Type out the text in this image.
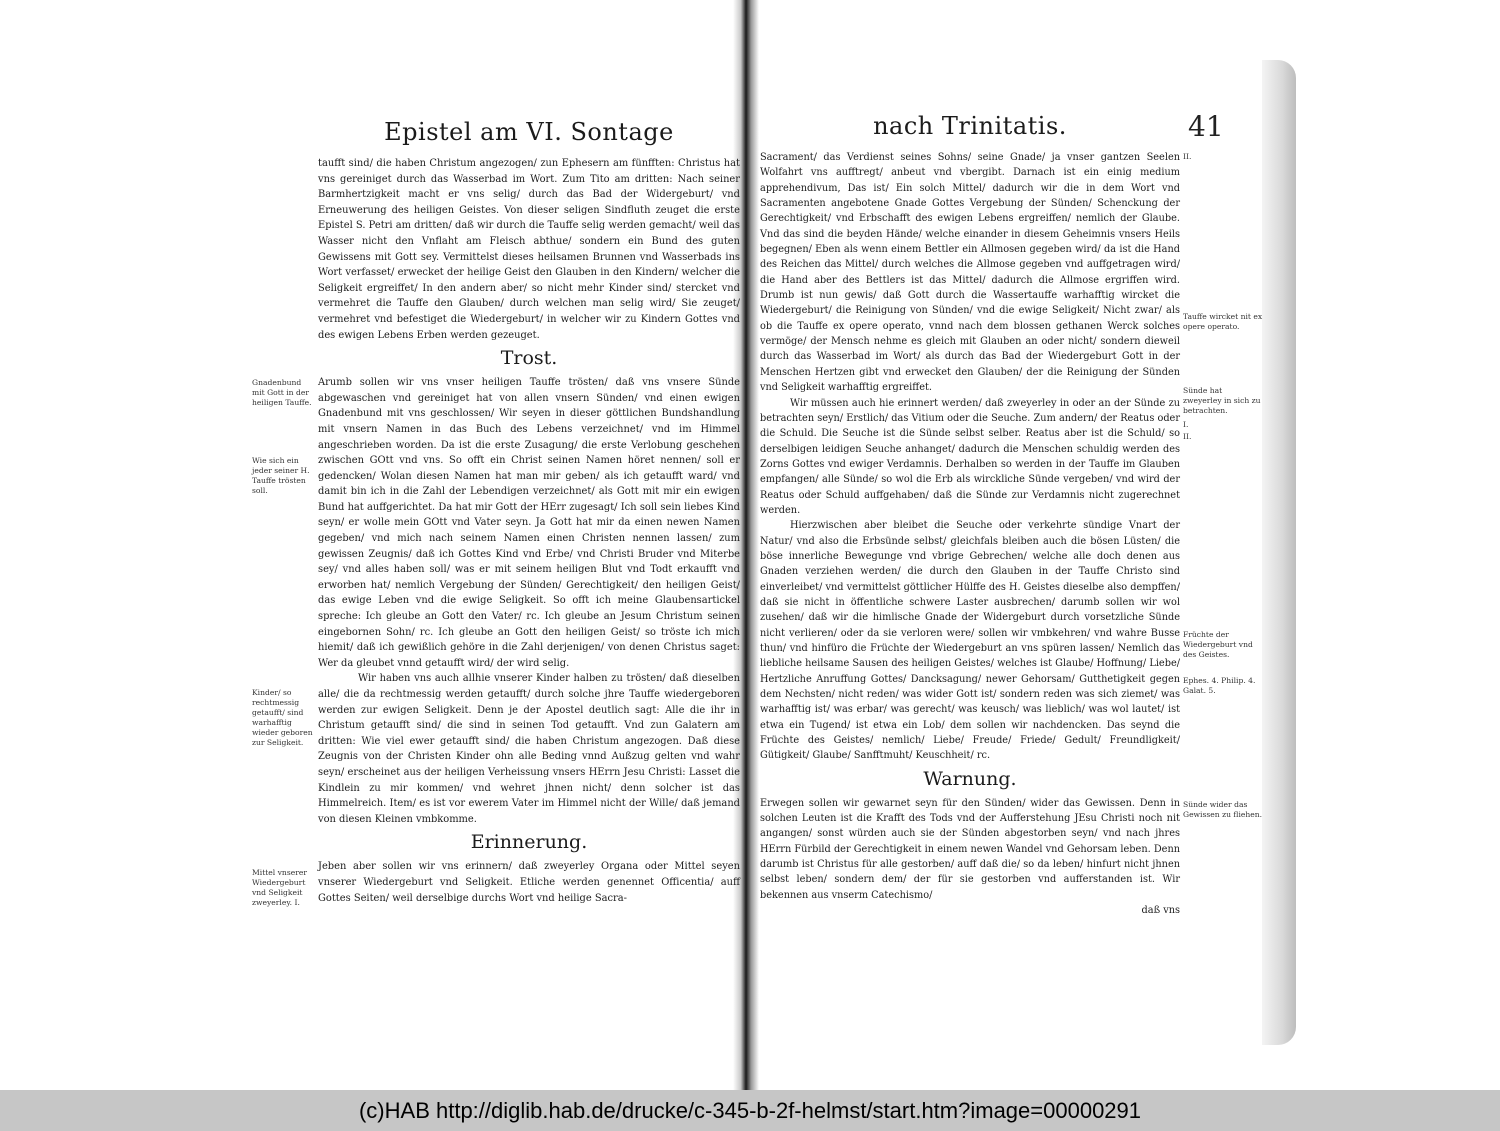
Epistel am VI. Sontage

taufft sind/ die haben Christum angezogen/ zun Ephesern am fünfften: Christus hat vns gereiniget durch das Wasserbad im Wort. Zum Tito am dritten: Nach seiner Barmhertzigkeit macht er vns selig/ durch das Bad der Widergeburt/ vnd Erneuwerung des heiligen Geistes. Von dieser seligen Sindfluth zeuget die erste Epistel S. Petri am dritten/ daß wir durch die Tauffe selig werden gemacht/ weil das Wasser nicht den Vnflaht am Fleisch abthue/ sondern ein Bund des guten Gewissens mit Gott sey. Vermittelst dieses heilsamen Brunnen vnd Wasserbads ins Wort verfasset/ erwecket der heilige Geist den Glauben in den Kindern/ welcher die Seligkeit ergreiffet/ In den andern aber/ so nicht mehr Kinder sind/ stercket vnd vermehret die Tauffe den Glauben/ durch welchen man selig wird/ Sie zeuget/ vermehret vnd befestiget die Wiedergeburt/ in welcher wir zu Kindern Gottes vnd des ewigen Lebens Erben werden gezeuget.

Trost.

Arumb sollen wir vns vnser heiligen Tauffe trösten/ daß vns vnsere Sünde abgewaschen vnd gereiniget hat von allen vnsern Sünden/ vnd einen ewigen Gnadenbund mit vns geschlossen/ Wir seyen in dieser göttlichen Bundshandlung mit vnsern Namen in das Buch des Lebens verzeichnet/ vnd im Himmel angeschrieben worden. Da ist die erste Zusagung/ die erste Verlobung geschehen zwischen GOtt vnd vns. So offt ein Christ seinen Namen höret nennen/ soll er gedencken/ Wolan diesen Namen hat man mir geben/ als ich getaufft ward/ vnd damit bin ich in die Zahl der Lebendigen verzeichnet/ als Gott mit mir ein ewigen Bund hat auffgerichtet. Da hat mir Gott der HErr zugesagt/ Ich soll sein liebes Kind seyn/ er wolle mein GOtt vnd Vater seyn. Ja Gott hat mir da einen newen Namen gegeben/ vnd mich nach seinem Namen einen Christen nennen lassen/ zum gewissen Zeugnis/ daß ich Gottes Kind vnd Erbe/ vnd Christi Bruder vnd Miterbe sey/ vnd alles haben soll/ was er mit seinem heiligen Blut vnd Todt erkaufft vnd erworben hat/ nemlich Vergebung der Sünden/ Gerechtigkeit/ den heiligen Geist/ das ewige Leben vnd die ewige Seligkeit. So offt ich meine Glaubensartickel spreche: Ich gleube an Gott den Vater/ rc. Ich gleube an Jesum Christum seinen eingebornen Sohn/ rc. Ich gleube an Gott den heiligen Geist/ so tröste ich mich hiemit/ daß ich gewißlich gehöre in die Zahl derjenigen/ von denen Christus saget: Wer da gleubet vnnd getaufft wird/ der wird selig.

Wir haben vns auch allhie vnserer Kinder halben zu trösten/ daß dieselben alle/ die da rechtmessig werden getaufft/ durch solche jhre Tauffe wiedergeboren werden zur ewigen Seligkeit. Denn je der Apostel deutlich sagt: Alle die ihr in Christum getaufft sind/ die sind in seinen Tod getaufft. Vnd zun Galatern am dritten: Wie viel ewer getaufft sind/ die haben Christum angezogen. Daß diese Zeugnis von der Christen Kinder ohn alle Beding vnnd Außzug gelten vnd wahr seyn/ erscheinet aus der heiligen Verheissung vnsers HErrn Jesu Christi: Lasset die Kindlein zu mir kommen/ vnd wehret jhnen nicht/ denn solcher ist das Himmelreich. Item/ es ist vor ewerem Vater im Himmel nicht der Wille/ daß jemand von diesen Kleinen vmbkomme.

Erinnerung.

Jeben aber sollen wir vns erinnern/ daß zweyerley Organa oder Mittel seyen vnserer Wiedergeburt vnd Seligkeit. Etliche werden genennet Officentia/ auff Gottes Seiten/ weil derselbige durchs Wort vnd heilige Sacra-

Gnadenbund mit Gott in der heiligen Tauffe.
Wie sich ein jeder seiner H. Tauffe trösten soll.
Kinder/ so rechtmessig getaufft/ sind warhafftig wieder geboren zur Seligkeit.
Mittel vnserer Wiedergeburt vnd Seligkeit zweyerley. I.
41
nach Trinitatis.

Sacrament/ das Verdienst seines Sohns/ seine Gnade/ ja vnser gantzen Seelen Wolfahrt vns aufftregt/ anbeut vnd vbergibt. Darnach ist ein einig medium apprehendivum, Das ist/ Ein solch Mittel/ dadurch wir die in dem Wort vnd Sacramenten angebotene Gnade Gottes Vergebung der Sünden/ Schenckung der Gerechtigkeit/ vnd Erbschafft des ewigen Lebens ergreiffen/ nemlich der Glaube. Vnd das sind die beyden Hände/ welche einander in diesem Geheimnis vnsers Heils begegnen/ Eben als wenn einem Bettler ein Allmosen gegeben wird/ da ist die Hand des Reichen das Mittel/ durch welches die Allmose gegeben vnd auffgetragen wird/ die Hand aber des Bettlers ist das Mittel/ dadurch die Allmose ergriffen wird. Drumb ist nun gewis/ daß Gott durch die Wassertauffe warhafftig wircket die Wiedergeburt/ die Reinigung von Sünden/ vnd die ewige Seligkeit/ Nicht zwar/ als ob die Tauffe ex opere operato, vnnd nach dem blossen gethanen Werck solches vermöge/ der Mensch nehme es gleich mit Glauben an oder nicht/ sondern dieweil durch das Wasserbad im Wort/ als durch das Bad der Wiedergeburt Gott in der Menschen Hertzen gibt vnd erwecket den Glauben/ der die Reinigung der Sünden vnd Seligkeit warhafftig ergreiffet.

Wir müssen auch hie erinnert werden/ daß zweyerley in oder an der Sünde zu betrachten seyn/ Erstlich/ das Vitium oder die Seuche. Zum andern/ der Reatus oder die Schuld. Die Seuche ist die Sünde selbst selber. Reatus aber ist die Schuld/ so derselbigen leidigen Seuche anhanget/ dadurch die Menschen schuldig werden des Zorns Gottes vnd ewiger Verdamnis. Derhalben so werden in der Tauffe im Glauben empfangen/ alle Sünde/ so wol die Erb als wirckliche Sünde vergeben/ vnd wird der Reatus oder Schuld auffgehaben/ daß die Sünde zur Verdamnis nicht zugerechnet werden.

Hierzwischen aber bleibet die Seuche oder verkehrte sündige Vnart der Natur/ vnd also die Erbsünde selbst/ gleichfals bleiben auch die bösen Lüsten/ die böse innerliche Bewegunge vnd vbrige Gebrechen/ welche alle doch denen aus Gnaden verziehen werden/ die durch den Glauben in der Tauffe Christo sind einverleibet/ vnd vermittelst göttlicher Hülffe des H. Geistes dieselbe also dempffen/ daß sie nicht in öffentliche schwere Laster ausbrechen/ darumb sollen wir wol zusehen/ daß wir die himlische Gnade der Widergeburt durch vorsetzliche Sünde nicht verlieren/ oder da sie verloren were/ sollen wir vmbkehren/ vnd wahre Busse thun/ vnd hinfüro die Früchte der Wiedergeburt an vns spüren lassen/ Nemlich das liebliche heilsame Sausen des heiligen Geistes/ welches ist Glaube/ Hoffnung/ Liebe/ Hertzliche Anruffung Gottes/ Dancksagung/ newer Gehorsam/ Gutthetigkeit gegen dem Nechsten/ nicht reden/ was wider Gott ist/ sondern reden was sich ziemet/ was warhafftig ist/ was erbar/ was gerecht/ was keusch/ was lieblich/ was wol lautet/ ist etwa ein Tugend/ ist etwa ein Lob/ dem sollen wir nachdencken. Das seynd die Früchte des Geistes/ nemlich/ Liebe/ Freude/ Friede/ Gedult/ Freundligkeit/ Gütigkeit/ Glaube/ Sanfftmuht/ Keuschheit/ rc.

Warnung.

Erwegen sollen wir gewarnet seyn für den Sünden/ wider das Gewissen. Denn in solchen Leuten ist die Krafft des Tods vnd der Aufferstehung JEsu Christi noch nit angangen/ sonst würden auch sie der Sünden abgestorben seyn/ vnd nach jhres HErrn Fürbild der Gerechtigkeit in einem newen Wandel vnd Gehorsam leben. Denn darumb ist Christus für alle gestorben/ auff daß die/ so da leben/ hinfurt nicht jhnen selbst leben/ sondern dem/ der für sie gestorben vnd aufferstanden ist. Wir bekennen aus vnserm Catechismo/

daß vns
II.
Tauffe wircket nit ex opere operato.
Sünde hat zweyerley in sich zu betrachten.
I.
II.
Früchte der Wiedergeburt vnd des Geistes.
Ephes. 4. Philip. 4. Galat. 5.
Sünde wider das Gewissen zu fliehen.
(c)HAB http://diglib.hab.de/drucke/c-345-b-2f-helmst/start.htm?image=00000291
